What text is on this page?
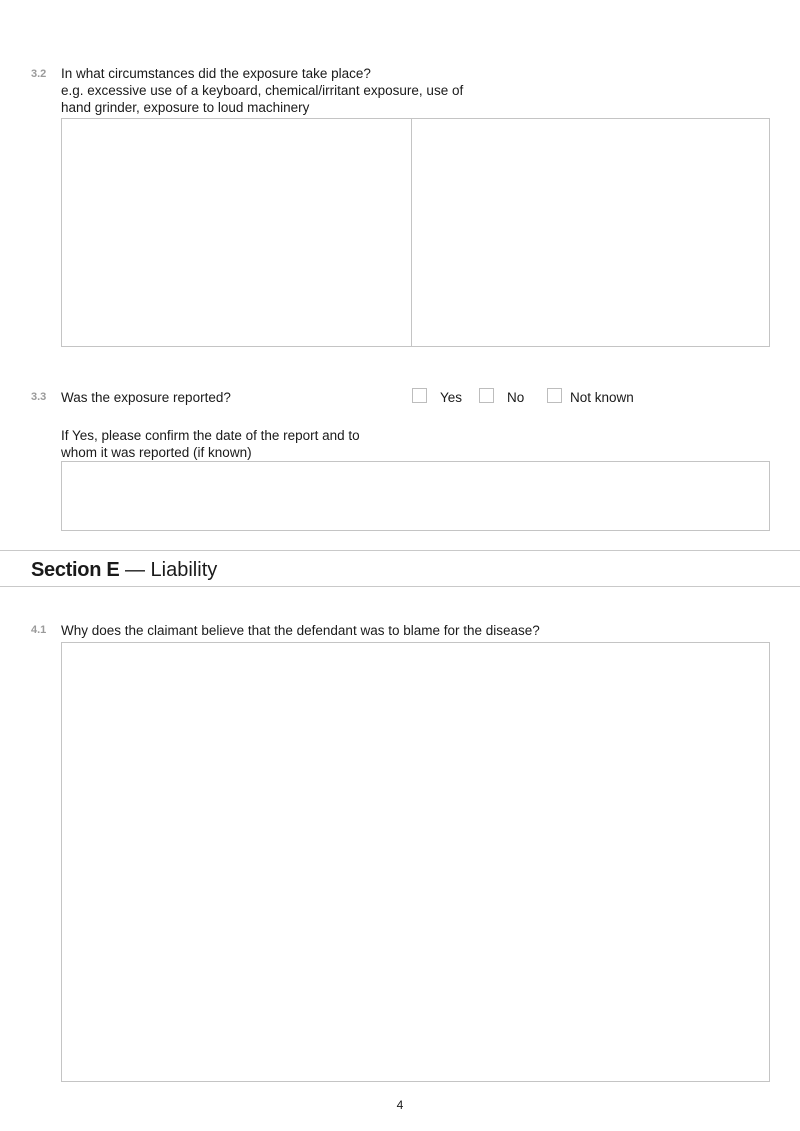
3.2 In what circumstances did the exposure take place?
e.g. excessive use of a keyboard, chemical/irritant exposure, use of
hand grinder, exposure to loud machinery
3.3 Was the exposure reported?	Yes	No	Not known
If Yes, please confirm the date of the report and to
whom it was reported (if known)
Section E — Liability
4.1 Why does the claimant believe that the defendant was to blame for the disease?
4
